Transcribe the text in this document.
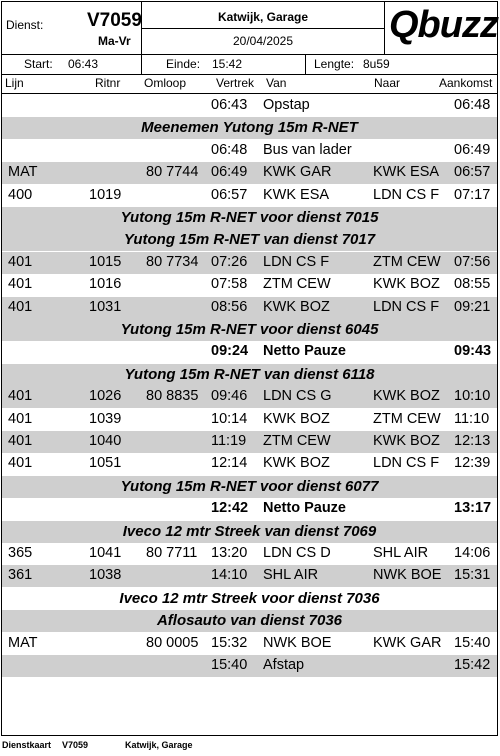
Dienst: V7059
Ma-Vr
Katwijk, Garage
20/04/2025	Qbuzz
Start: 06:43	Einde: 15:42	Lengte: 8u59
Lijn	Ritnr Omloop Vertrek Van	Naar	Aankomst
06:43 Opstap	06:48
Meenemen Yutong 15m R-NET
06:48 Bus van lader	06:49
MAT	80 7744 06:49 KWK GAR	KWK ESA 06:57
400	1019	06:57 KWK ESA	LDN CS F 07:17
Yutong 15m R-NET voor dienst 7015
Yutong 15m R-NET van dienst 7017
401	1015 80 7734 07:26 LDN CS F	ZTM CEW 07:56
401	1016	07:58 ZTM CEW	KWK BOZ 08:55
401	1031	08:56 KWK BOZ	LDN CS F 09:21
Yutong 15m R-NET voor dienst 6045
09:24 Netto Pauze	09:43
Yutong 15m R-NET van dienst 6118
401	1026 80 8835 09:46 LDN CS G	KWK BOZ 10:10
401	1039	10:14 KWK BOZ	ZTM CEW 11:10
401	1040	11:19 ZTM CEW	KWK BOZ 12:13
401	1051	12:14 KWK BOZ	LDN CS F 12:39
Yutong 15m R-NET voor dienst 6077
12:42 Netto Pauze	13:17
Iveco 12 mtr Streek van dienst 7069
365	1041 80 7711 13:20 LDN CS D	SHL AIR 14:06
361	1038	14:10 SHL AIR	NWK BOE 15:31
Iveco 12 mtr Streek voor dienst 7036
Aflosauto van dienst 7036
MAT	80 0005 15:32 NWK BOE	KWK GAR 15:40
15:40 Afstap	15:42
Dienstkaart V7059	Katwijk, Garage
